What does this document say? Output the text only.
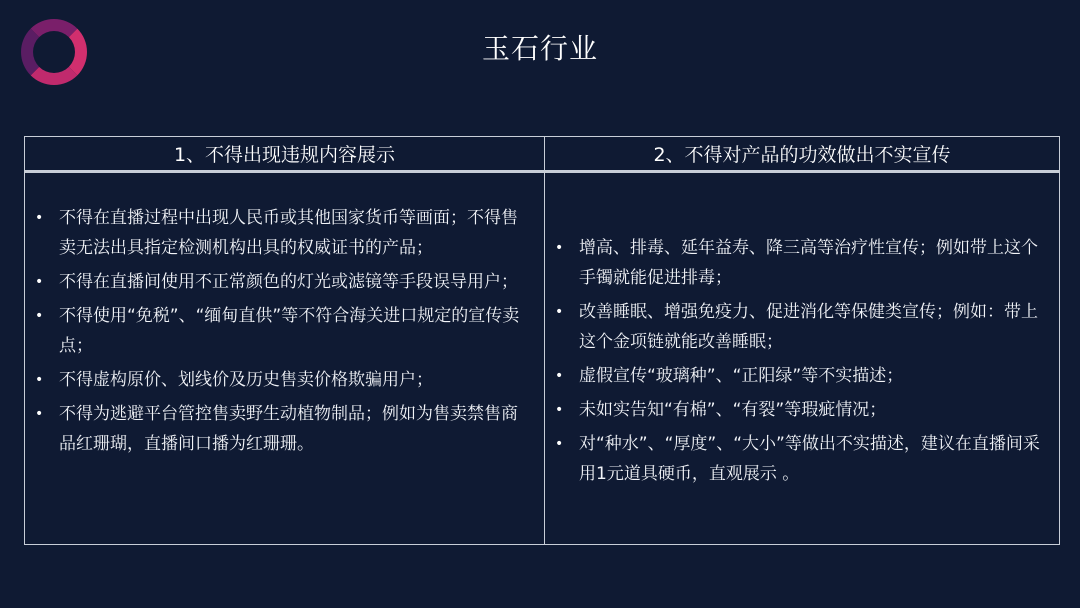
玉石行业
1、不得出现违规内容展示	2、不得对产品的功效做出不实宣传
• 不得在直播过程中出现人民币或其他国家货币等画面；不得售卖无法出具指定检测机构出具的权威证书的产品；
• 不得在直播间使用不正常颜色的灯光或滤镜等手段误导用户；
• 不得使用“免税”、“缅甸直供”等不符合海关进口规定的宣传卖点；
• 不得虚构原价、划线价及历史售卖价格欺骗用户；
• 不得为逃避平台管控售卖野生动植物制品；例如为售卖禁售商品红珊瑚，直播间口播为红珊珊。
• 增高、排毒、延年益寿、降三高等治疗性宣传；例如带上这个手镯就能促进排毒；
• 改善睡眠、增强免疫力、促进消化等保健类宣传；例如：带上这个金项链就能改善睡眠；
• 虚假宣传“玻璃种”、“正阳绿”等不实描述；
• 未如实告知“有棉”、“有裂”等瑕疵情况；
• 对“种水”、“厚度”、“大小”等做出不实描述，建议在直播间采用1元道具硬币，直观展示 。
